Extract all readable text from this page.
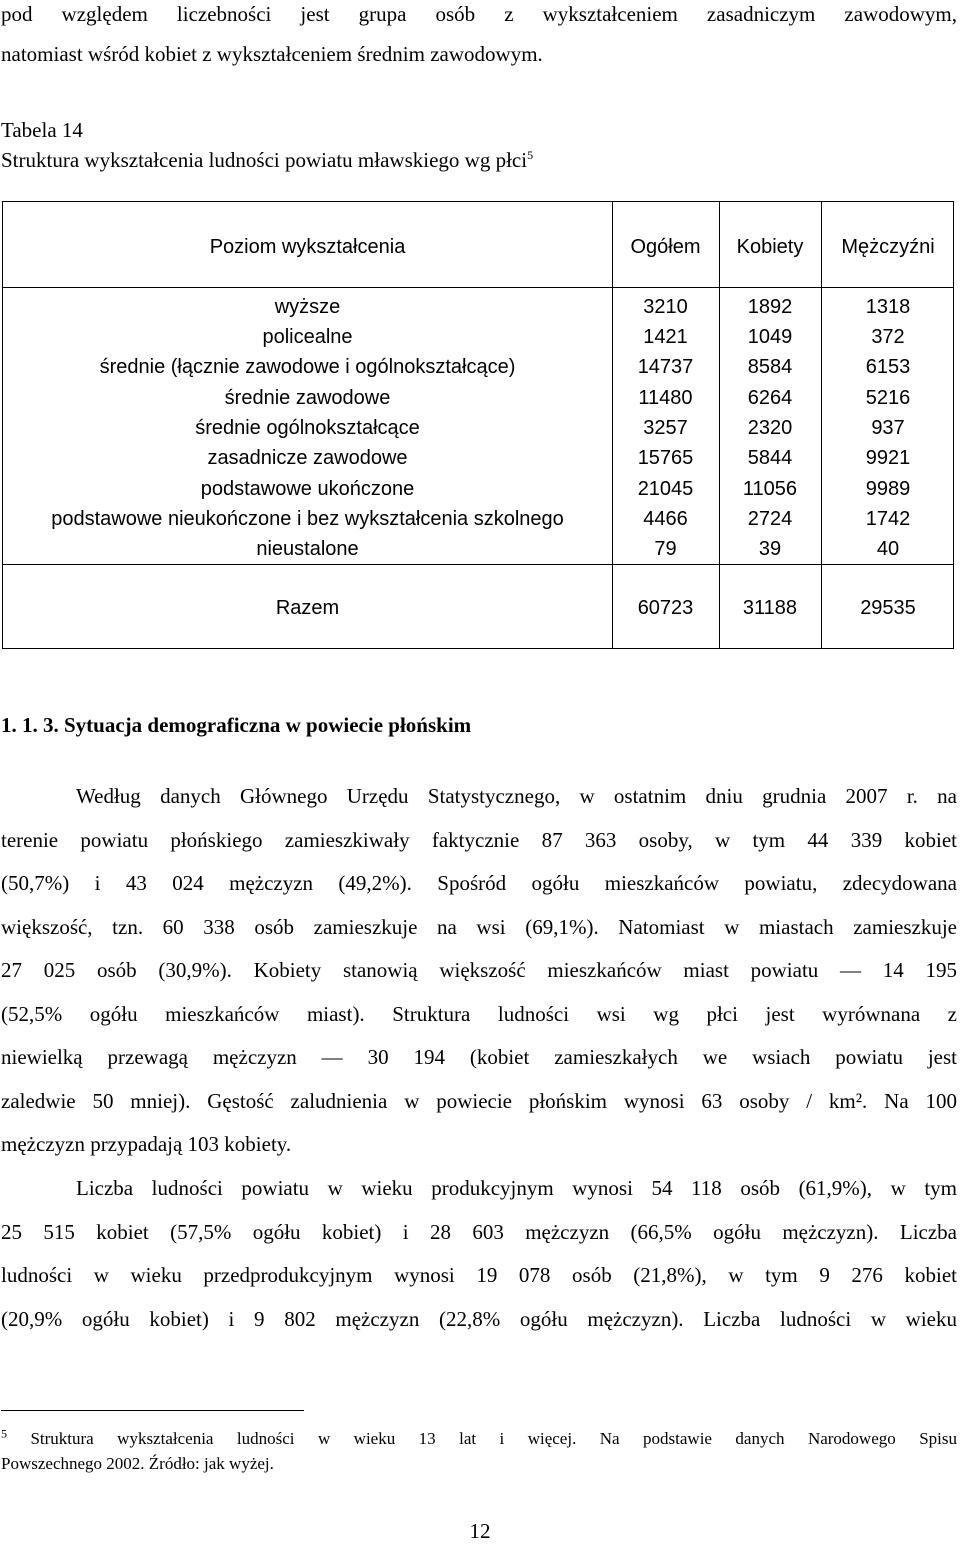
pod względem liczebności jest grupa osób z wykształceniem zasadniczym zawodowym,
natomiast wśród kobiet z wykształceniem średnim zawodowym.
Tabela 14
Struktura wykształcenia ludności powiatu mławskiego wg płci$^5$
Poziom wykształcenia	Ogółem	Kobiety	Mężczyźni
wyższe	3210	1892	1318
policealne	1421	1049	372
średnie (łącznie zawodowe i ogólnokształcące)	14737	8584	6153
średnie zawodowe	11480	6264	5216
średnie ogólnokształcące	3257	2320	937
zasadnicze zawodowe	15765	5844	9921
podstawowe ukończone	21045	11056	9989
podstawowe nieukończone i bez wykształcenia szkolnego	4466	2724	1742
nieustalone	79	39	40
Razem	60723	31188	29535
1. 1. 3. Sytuacja demograficzna w powiecie płońskim
Według danych Głównego Urzędu Statystycznego, w ostatnim dniu grudnia 2007 r. na
terenie powiatu płońskiego zamieszkiwały faktycznie 87 363 osoby, w tym 44 339 kobiet
(50,7%) i 43 024 mężczyzn (49,2%). Spośród ogółu mieszkańców powiatu, zdecydowana
większość, tzn. 60 338 osób zamieszkuje na wsi (69,1%). Natomiast w miastach zamieszkuje
27 025 osób (30,9%). Kobiety stanowią większość mieszkańców miast powiatu — 14 195
(52,5% ogółu mieszkańców miast). Struktura ludności wsi wg płci jest wyrównana z
niewielką przewagą mężczyzn — 30 194 (kobiet zamieszkałych we wsiach powiatu jest
zaledwie 50 mniej). Gęstość zaludnienia w powiecie płońskim wynosi 63 osoby / km². Na 100
mężczyzn przypadają 103 kobiety.
Liczba ludności powiatu w wieku produkcyjnym wynosi 54 118 osób (61,9%), w tym
25 515 kobiet (57,5% ogółu kobiet) i 28 603 mężczyzn (66,5% ogółu mężczyzn). Liczba
ludności w wieku przedprodukcyjnym wynosi 19 078 osób (21,8%), w tym 9 276 kobiet
(20,9% ogółu kobiet) i 9 802 mężczyzn (22,8% ogółu mężczyzn). Liczba ludności w wieku
$^5$ Struktura wykształcenia ludności w wieku 13 lat i więcej. Na podstawie danych Narodowego Spisu
Powszechnego 2002. Źródło: jak wyżej.
12
